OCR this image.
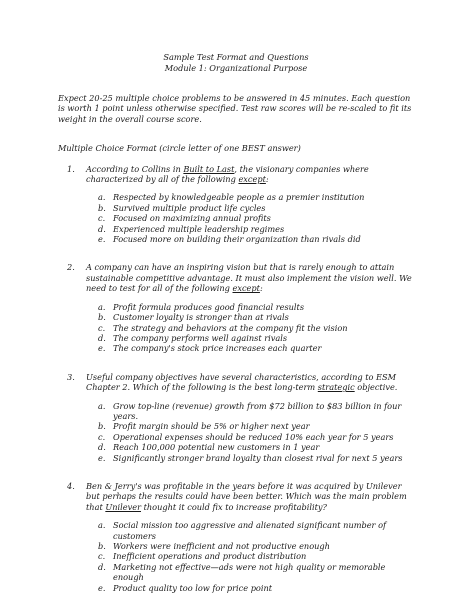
Sample Test Format and Questions

Module 1: Organizational Purpose

Expect 20-25 multiple choice problems to be answered in 45 minutes. Each question is worth 1 point unless otherwise specified. Test raw scores will be re-scaled to fit its weight in the overall course score.

Multiple Choice Format (circle letter of one BEST answer)

1.	According to Collins in Built to Last, the visionary companies where characterized by all of the following except:
a. Respected by knowledgeable people as a premier institution
b. Survived multiple product life cycles
c. Focused on maximizing annual profits
d. Experienced multiple leadership regimes
e. Focused more on building their organization than rivals did
2.	A company can have an inspiring vision but that is rarely enough to attain sustainable competitive advantage. It must also implement the vision well. We need to test for all of the following except:
a. Profit formula produces good financial results
b. Customer loyalty is stronger than at rivals
c. The strategy and behaviors at the company fit the vision
d. The company performs well against rivals
e. The company's stock price increases each quarter
3.	Useful company objectives have several characteristics, according to ESM Chapter 2. Which of the following is the best long-term strategic objective.
a. Grow top-line (revenue) growth from $72 billion to $83 billion in four years.
b. Profit margin should be 5% or higher next year
c. Operational expenses should be reduced 10% each year for 5 years
d. Reach 100,000 potential new customers in 1 year
e. Significantly stronger brand loyalty than closest rival for next 5 years
4.	Ben & Jerry's was profitable in the years before it was acquired by Unilever but perhaps the results could have been better. Which was the main problem that Unilever thought it could fix to increase profitability?
a. Social mission too aggressive and alienated significant number of customers
b. Workers were inefficient and not productive enough
c. Inefficient operations and product distribution
d. Marketing not effective—ads were not high quality or memorable enough
e. Product quality too low for price point
